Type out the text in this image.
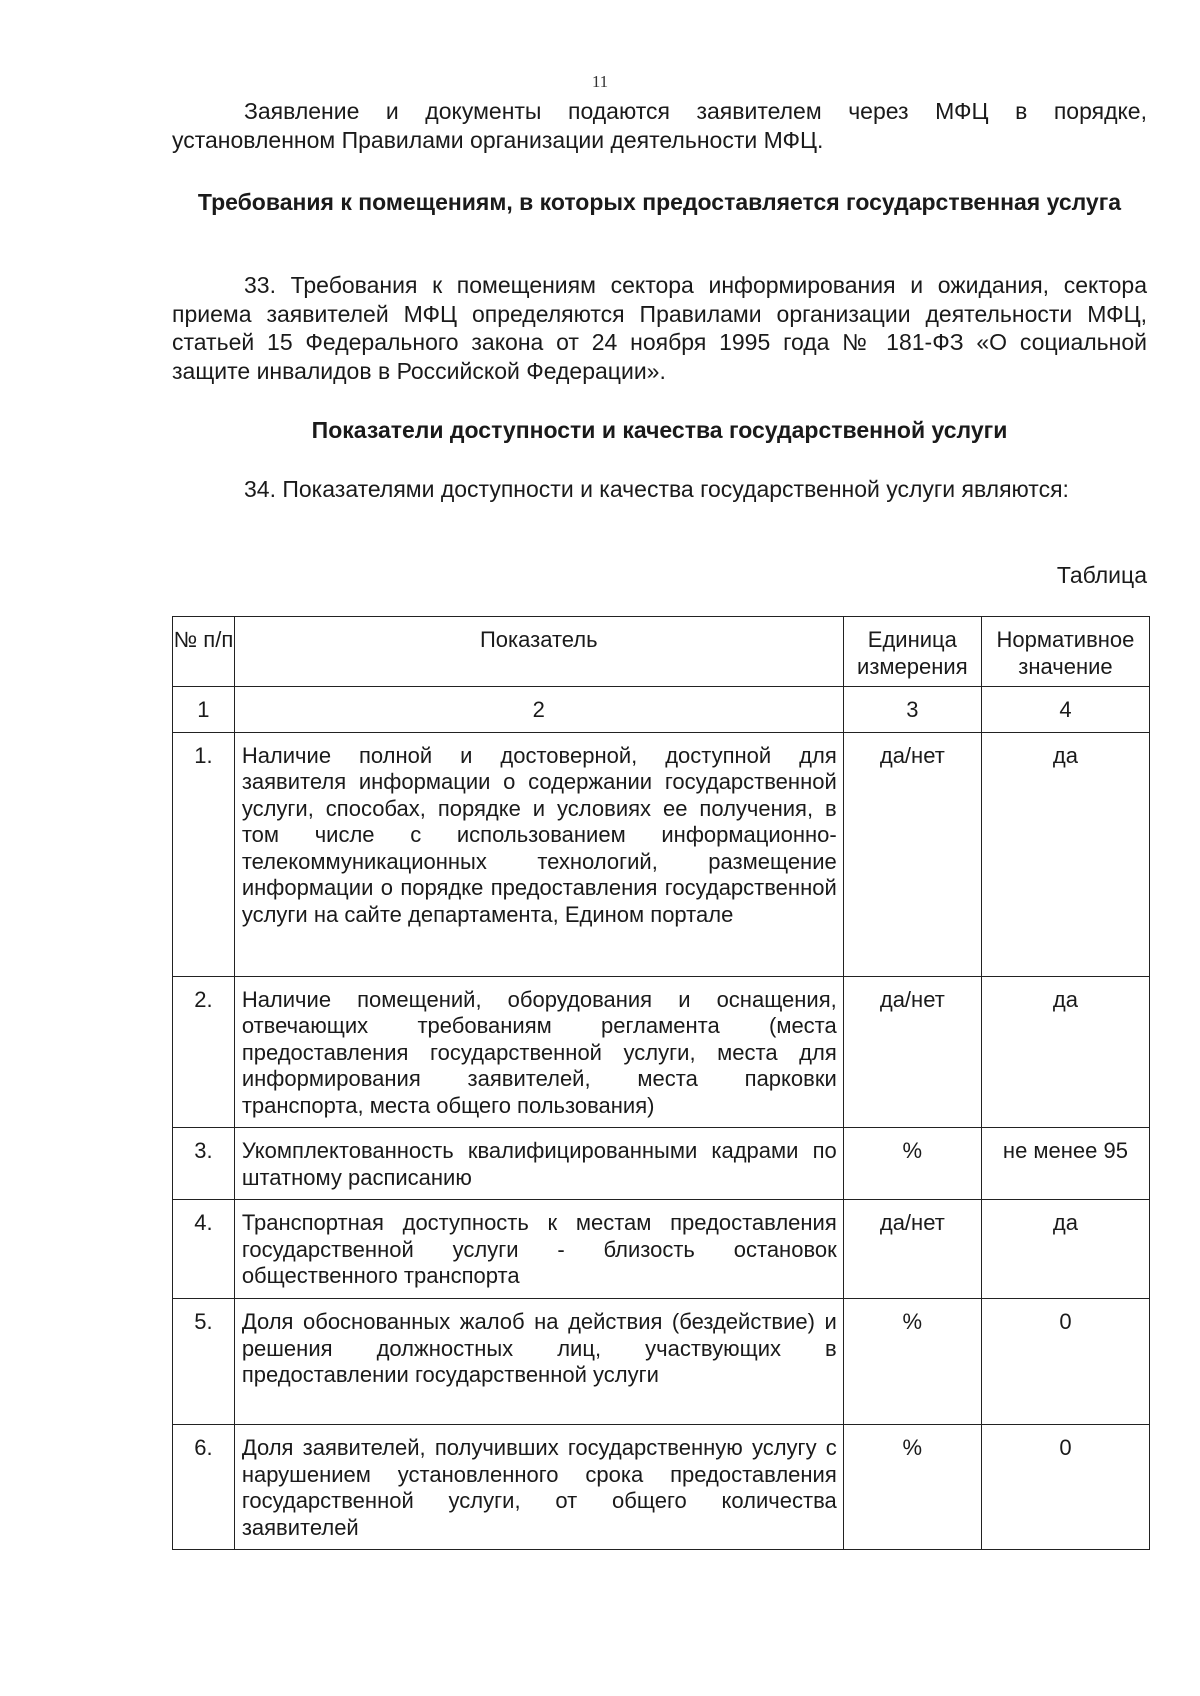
11

Заявление и документы подаются заявителем через МФЦ в порядке, установленном Правилами организации деятельности МФЦ.

Требования к помещениям, в которых предоставляется государственная услуга

33. Требования к помещениям сектора информирования и ожидания, сектора приема заявителей МФЦ определяются Правилами организации деятельности МФЦ, статьей 15 Федерального закона от 24 ноября 1995 года № 181-ФЗ «О социальной защите инвалидов в Российской Федерации».

Показатели доступности и качества государственной услуги

34. Показателями доступности и качества государственной услуги являются:

Таблица
№ п/п	Показатель	Единица измерения	Нормативное значение
1	2	3	4
1.	Наличие полной и достоверной, доступной для заявителя информации о содержании государственной услуги, способах, порядке и условиях ее получения, в том числе с использованием информационно-телекоммуникационных технологий, размещение информации о порядке предоставления государственной услуги на сайте департамента, Едином портале	да/нет	да
2.	Наличие помещений, оборудования и оснащения, отвечающих требованиям регламента (места предоставления государственной услуги, места для информирования заявителей, места парковки транспорта, места общего пользования)	да/нет	да
3.	Укомплектованность квалифицированными кадрами по штатному расписанию	%	не менее 95
4.	Транспортная доступность к местам предоставления государственной услуги - близость остановок общественного транспорта	да/нет	да
5.	Доля обоснованных жалоб на действия (бездействие) и решения должностных лиц, участвующих в предоставлении государственной услуги	%	0
6.	Доля заявителей, получивших государственную услугу с нарушением установленного срока предоставления государственной услуги, от общего количества заявителей	%	0
